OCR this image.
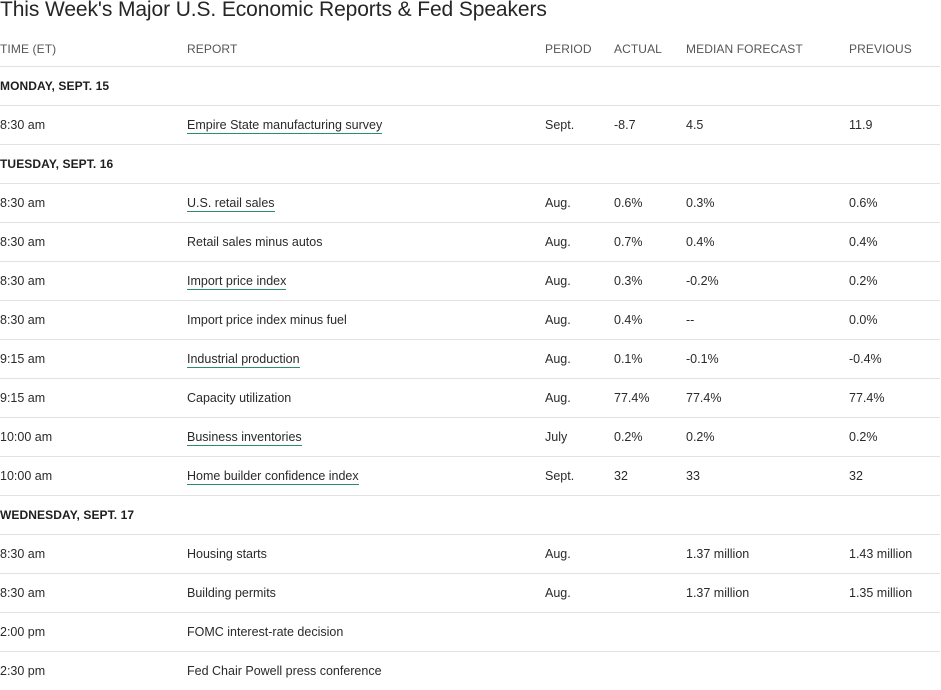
This Week's Major U.S. Economic Reports & Fed Speakers
TIME (ET)	REPORT	PERIOD	ACTUAL	MEDIAN FORECAST	PREVIOUS
MONDAY, SEPT. 15					
8:30 am	Empire State manufacturing survey	Sept.	-8.7	4.5	11.9
TUESDAY, SEPT. 16					
8:30 am	U.S. retail sales	Aug.	0.6%	0.3%	0.6%
8:30 am	Retail sales minus autos	Aug.	0.7%	0.4%	0.4%
8:30 am	Import price index	Aug.	0.3%	-0.2%	0.2%
8:30 am	Import price index minus fuel	Aug.	0.4%	--	0.0%
9:15 am	Industrial production	Aug.	0.1%	-0.1%	-0.4%
9:15 am	Capacity utilization	Aug.	77.4%	77.4%	77.4%
10:00 am	Business inventories	July	0.2%	0.2%	0.2%
10:00 am	Home builder confidence index	Sept.	32	33	32
WEDNESDAY, SEPT. 17					
8:30 am	Housing starts	Aug.		1.37 million	1.43 million
8:30 am	Building permits	Aug.		1.37 million	1.35 million
2:00 pm	FOMC interest-rate decision				
2:30 pm	Fed Chair Powell press conference				
